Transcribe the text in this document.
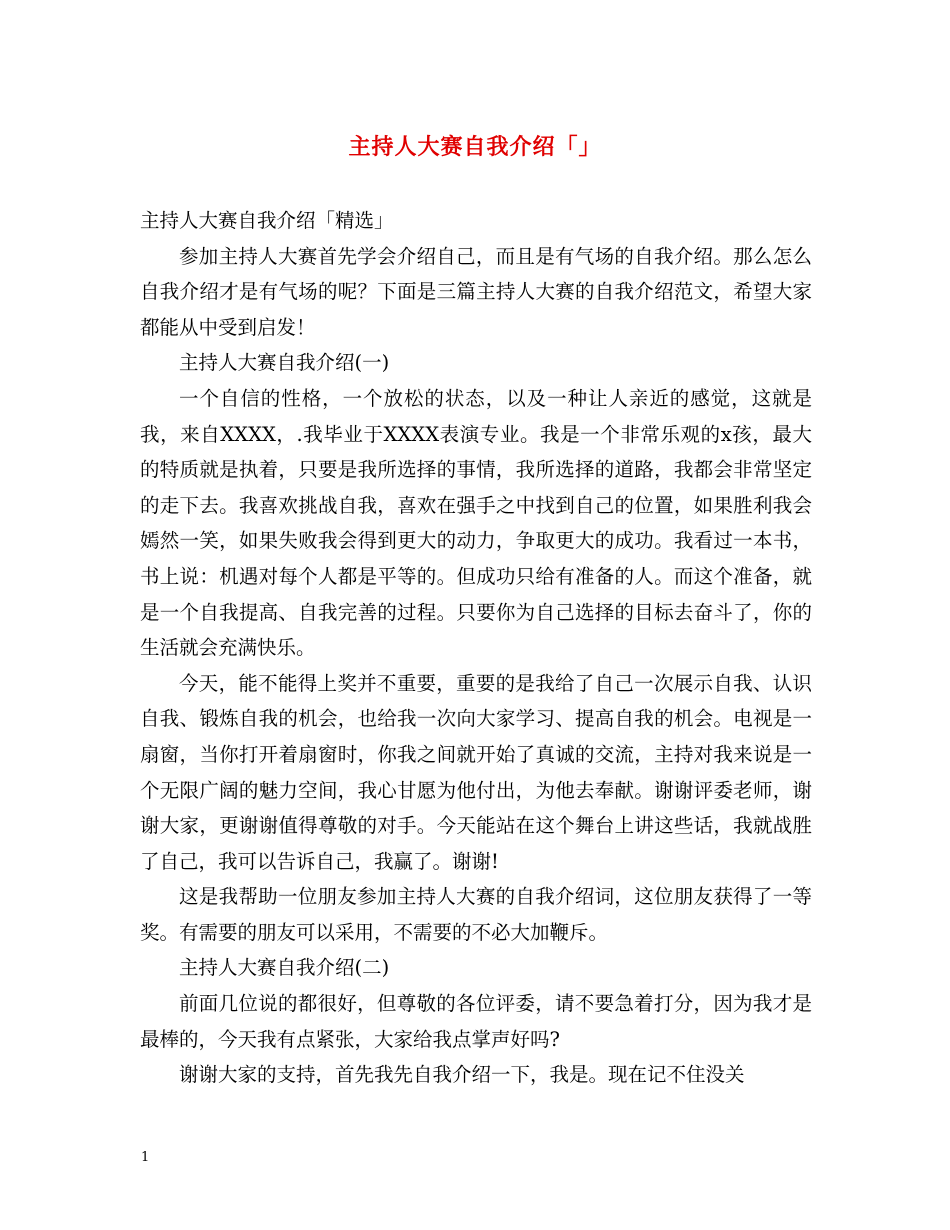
主持人大赛自我介绍「」

主持人大赛自我介绍「精选」

参加主持人大赛首先学会介绍自己，而且是有气场的自我介绍。那么怎么自我介绍才是有气场的呢？下面是三篇主持人大赛的自我介绍范文，希望大家都能从中受到启发！

主持人大赛自我介绍(一)

一个自信的性格，一个放松的状态，以及一种让人亲近的感觉，这就是我，来自XXXX，.我毕业于XXXX表演专业。我是一个非常乐观的x孩，最大的特质就是执着，只要是我所选择的事情，我所选择的道路，我都会非常坚定的走下去。我喜欢挑战自我，喜欢在强手之中找到自己的位置，如果胜利我会嫣然一笑，如果失败我会得到更大的动力，争取更大的成功。我看过一本书，书上说：机遇对每个人都是平等的。但成功只给有准备的人。而这个准备，就是一个自我提高、自我完善的过程。只要你为自己选择的目标去奋斗了，你的生活就会充满快乐。

今天，能不能得上奖并不重要，重要的是我给了自己一次展示自我、认识自我、锻炼自我的机会，也给我一次向大家学习、提高自我的机会。电视是一扇窗，当你打开着扇窗时，你我之间就开始了真诚的交流，主持对我来说是一个无限广阔的魅力空间，我心甘愿为他付出，为他去奉献。谢谢评委老师，谢谢大家，更谢谢值得尊敬的对手。今天能站在这个舞台上讲这些话，我就战胜了自己，我可以告诉自己，我赢了。谢谢!

这是我帮助一位朋友参加主持人大赛的自我介绍词，这位朋友获得了一等奖。有需要的朋友可以采用，不需要的不必大加鞭斥。

主持人大赛自我介绍(二)

前面几位说的都很好，但尊敬的各位评委，请不要急着打分，因为我才是最棒的，今天我有点紧张，大家给我点掌声好吗?

谢谢大家的支持，首先我先自我介绍一下，我是。现在记不住没关

1
